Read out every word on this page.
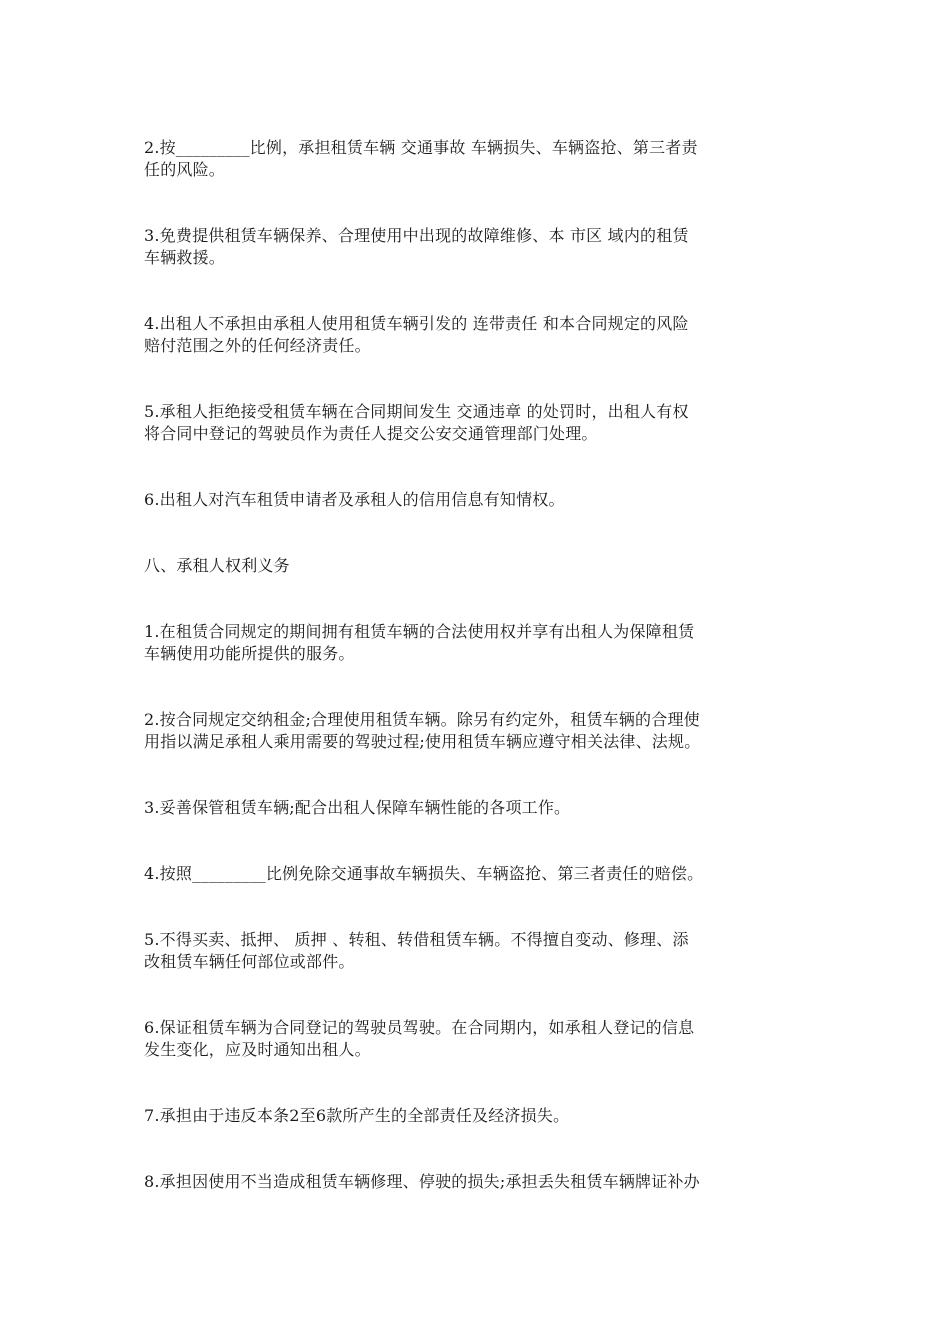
2.按_________比例，承担租赁车辆 交通事故 车辆损失、车辆盗抢、第三者责
任的风险。

3.免费提供租赁车辆保养、合理使用中出现的故障维修、本 市区 域内的租赁
车辆救援。

4.出租人不承担由承租人使用租赁车辆引发的 连带责任 和本合同规定的风险
赔付范围之外的任何经济责任。

5.承租人拒绝接受租赁车辆在合同期间发生 交通违章 的处罚时，出租人有权
将合同中登记的驾驶员作为责任人提交公安交通管理部门处理。

6.出租人对汽车租赁申请者及承租人的信用信息有知情权。

八、承租人权利义务

1.在租赁合同规定的期间拥有租赁车辆的合法使用权并享有出租人为保障租赁
车辆使用功能所提供的服务。

2.按合同规定交纳租金;合理使用租赁车辆。除另有约定外，租赁车辆的合理使
用指以满足承租人乘用需要的驾驶过程;使用租赁车辆应遵守相关法律、法规。

3.妥善保管租赁车辆;配合出租人保障车辆性能的各项工作。

4.按照_________比例免除交通事故车辆损失、车辆盗抢、第三者责任的赔偿。

5.不得买卖、抵押、 质押 、转租、转借租赁车辆。不得擅自变动、修理、添
改租赁车辆任何部位或部件。

6.保证租赁车辆为合同登记的驾驶员驾驶。在合同期内，如承租人登记的信息
发生变化，应及时通知出租人。

7.承担由于违反本条2至6款所产生的全部责任及经济损失。

8.承担因使用不当造成租赁车辆修理、停驶的损失;承担丢失租赁车辆牌证补办
